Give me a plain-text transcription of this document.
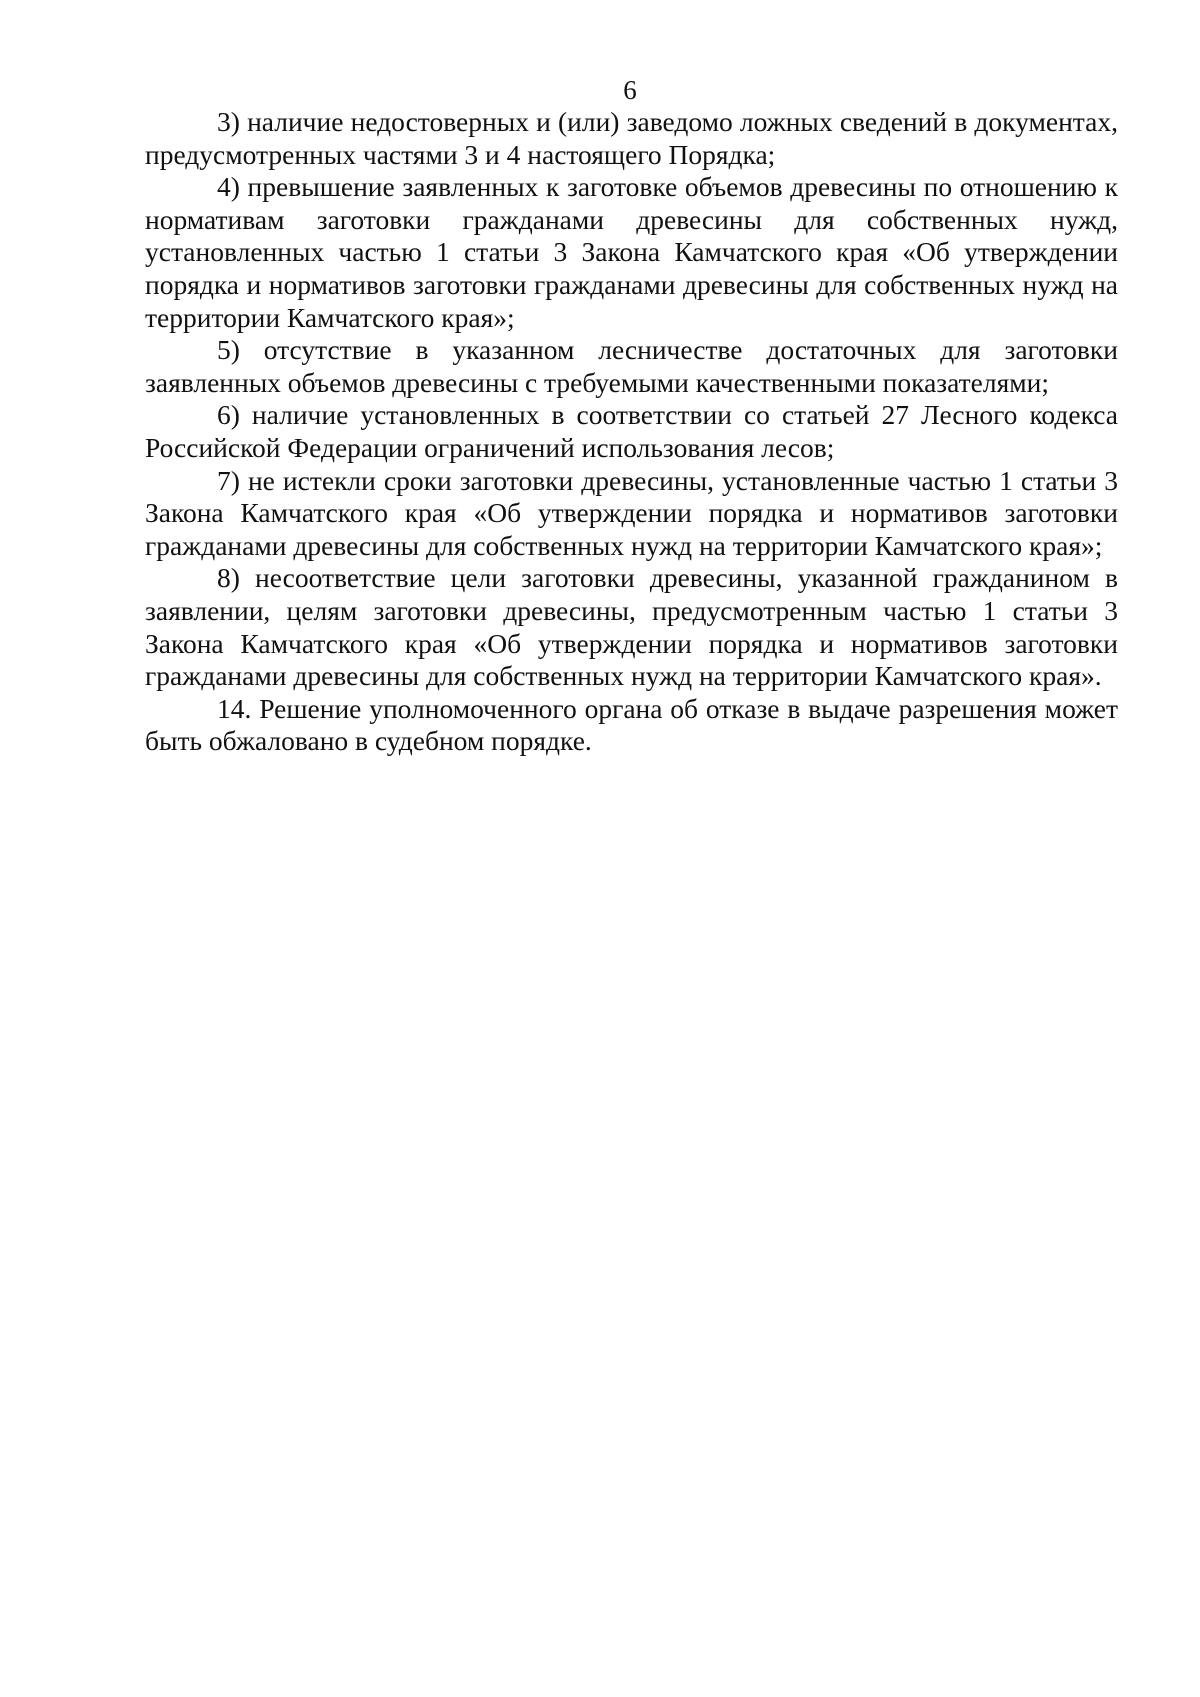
6

3) наличие недостоверных и (или) заведомо ложных сведений в документах, предусмотренных частями 3 и 4 настоящего Порядка;

4) превышение заявленных к заготовке объемов древесины по отношению к нормативам заготовки гражданами древесины для собственных нужд, установленных частью 1 статьи 3 Закона Камчатского края «Об утверждении порядка и нормативов заготовки гражданами древесины для собственных нужд на территории Камчатского края»;

5) отсутствие в указанном лесничестве достаточных для заготовки заявленных объемов древесины с требуемыми качественными показателями;

6) наличие установленных в соответствии со статьей 27 Лесного кодекса Российской Федерации ограничений использования лесов;

7) не истекли сроки заготовки древесины, установленные частью 1 статьи 3 Закона Камчатского края «Об утверждении порядка и нормативов заготовки гражданами древесины для собственных нужд на территории Камчатского края»;

8) несоответствие цели заготовки древесины, указанной гражданином в заявлении, целям заготовки древесины, предусмотренным частью 1 статьи 3 Закона Камчатского края «Об утверждении порядка и нормативов заготовки гражданами древесины для собственных нужд на территории Камчатского края».

14. Решение уполномоченного органа об отказе в выдаче разрешения может быть обжаловано в судебном порядке.
